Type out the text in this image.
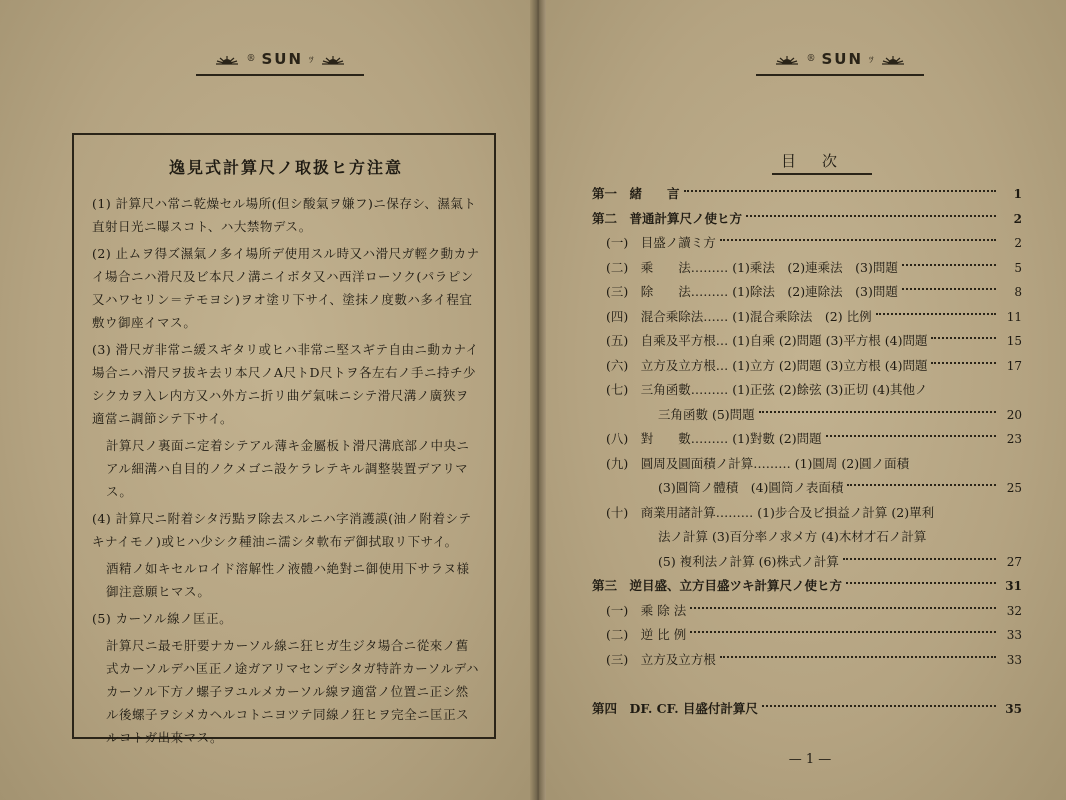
® SUN ﾂ
逸見式計算尺ノ取扱ヒ方注意

(1) 計算尺ハ常ニ乾燥セル場所(但シ酸氣ヲ嫌フ)ニ保存シ、濕氣ト直射日光ニ曝スコト、ハ大禁物デス。

(2) 止ムヲ得ズ濕氣ノ多イ場所デ使用スル時又ハ滑尺ガ輕ク動カナイ場合ニハ滑尺及ビ本尺ノ溝ニイボタ又ハ西洋ローソク(パラピン又ハワセリン＝テモヨシ)ヲオ塗リ下サイ、塗抹ノ度數ハ多イ程宜敷ウ御座イマス。

(3) 滑尺ガ非常ニ緩スギタリ或ヒハ非常ニ堅スギテ自由ニ動カナイ場合ニハ滑尺ヲ拔キ去リ本尺ノA尺トD尺トヲ各左右ノ手ニ持チ少シクカヲ入レ内方又ハ外方ニ折リ曲ゲ氣味ニシテ滑尺溝ノ廣狹ヲ適當ニ調節シテ下サイ。

計算尺ノ裏面ニ定着シテアル薄キ金屬板ト滑尺溝底部ノ中央ニアル細溝ハ自目的ノクメゴニ設ケラレテキル調整裝置デアリマス。

(4) 計算尺ニ附着シタ汚點ヲ除去スルニハ字消護謨(油ノ附着シテキナイモノ)或ヒハ少シク種油ニ濡シタ軟布デ御拭取リ下サイ。

酒精ノ如キセルロイド溶解性ノ液體ハ絶對ニ御使用下サラヌ様御注意願ヒマス。

(5) カーソル線ノ匡正。

計算尺ニ最モ肝要ナカーソル線ニ狂ヒガ生ジタ場合ニ從來ノ舊式カーソルデハ匡正ノ途ガアリマセンデシタガ特許カーソルデハカーソル下方ノ螺子ヲユルメカーソル線ヲ適當ノ位置ニ正シ然ル後螺子ヲシメカヘルコトニヨツテ同線ノ狂ヒヲ完全ニ匡正スルコトガ出來マス。

® SUN ﾂ
目次
第一　緒　　言	1
第二　普通計算尺ノ使ヒ方	2
(一)　目盛ノ讀ミ方	2
(二)　乘　　法……… (1)乘法　(2)連乘法　(3)問題	5
(三)　除　　法……… (1)除法　(2)連除法　(3)問題	8
(四)　混合乘除法…… (1)混合乘除法　(2) 比例	11
(五)　自乘及平方根… (1)自乘 (2)問題 (3)平方根 (4)問題	15
(六)　立方及立方根… (1)立方 (2)問題 (3)立方根 (4)問題	17
(七)　三角函數……… (1)正弦 (2)餘弦 (3)正切 (4)其他ノ
三角函數 (5)問題	20
(八)　對　　數……… (1)對數 (2)問題	23
(九)　圓周及圓面積ノ計算……… (1)圓周 (2)圓ノ面積
(3)圓筒ノ體積　(4)圓筒ノ表面積	25
(十)　商業用諸計算……… (1)步合及ビ損益ノ計算 (2)單利
法ノ計算 (3)百分率ノ求メ方 (4)木材才石ノ計算
(5) 複利法ノ計算 (6)株式ノ計算	27
第三　逆目盛、立方目盛ツキ計算尺ノ使ヒ方	31
(一)　乘 除 法	32
(二)　逆 比 例	33
(三)　立方及立方根	33
第四　DF. CF. 目盛付計算尺	35
— 1 —
